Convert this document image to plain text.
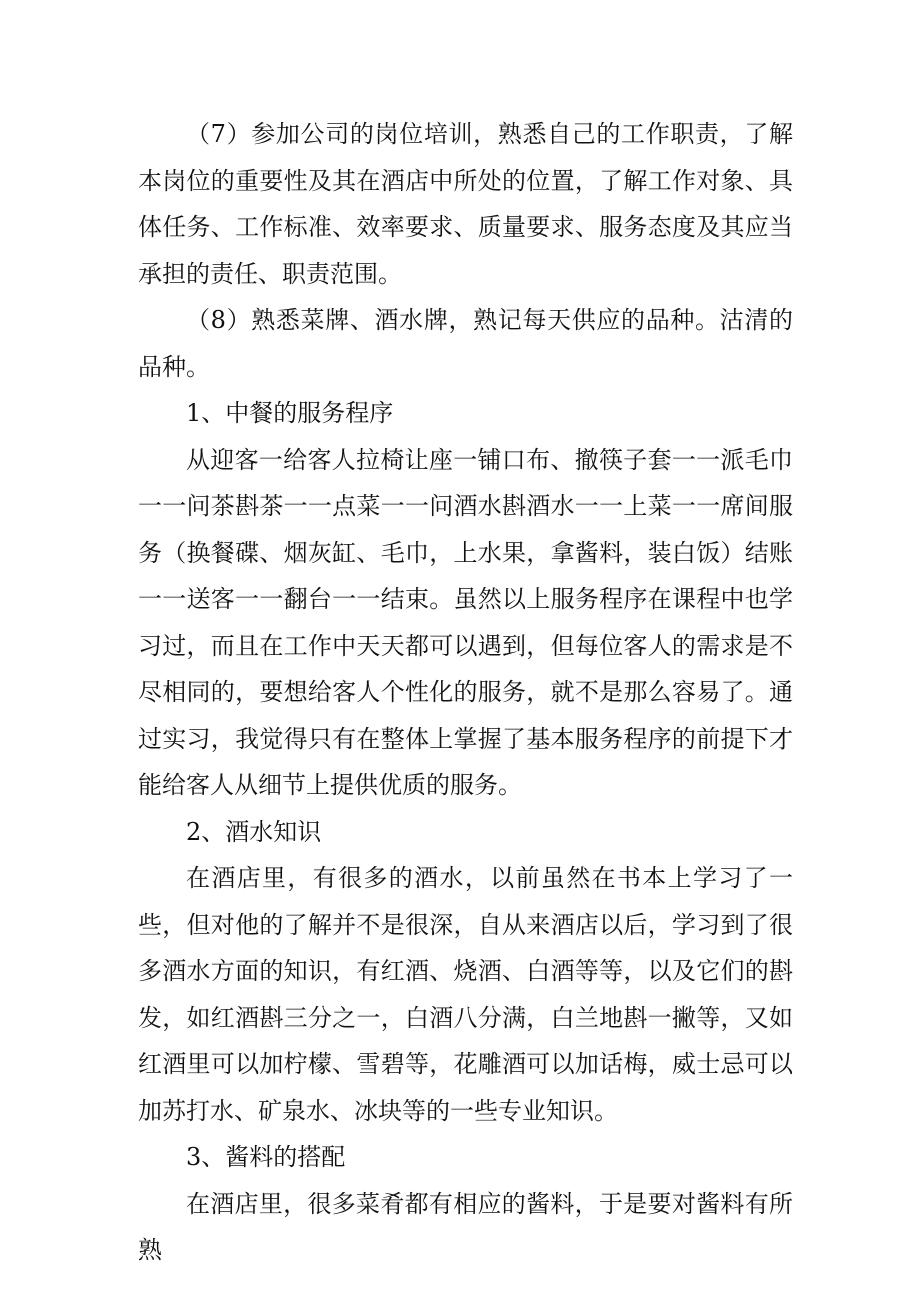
（7）参加公司的岗位培训，熟悉自己的工作职责，了解本岗位的重要性及其在酒店中所处的位置，了解工作对象、具体任务、工作标准、效率要求、质量要求、服务态度及其应当承担的责任、职责范围。

（8）熟悉菜牌、酒水牌，熟记每天供应的品种。沽清的品种。

1、中餐的服务程序

从迎客一给客人拉椅让座一铺口布、撤筷子套一一派毛巾一一问茶斟茶一一点菜一一问酒水斟酒水一一上菜一一席间服务（换餐碟、烟灰缸、毛巾，上水果，拿酱料，装白饭）结账一一送客一一翻台一一结束。虽然以上服务程序在课程中也学习过，而且在工作中天天都可以遇到，但每位客人的需求是不尽相同的，要想给客人个性化的服务，就不是那么容易了。通过实习，我觉得只有在整体上掌握了基本服务程序的前提下才能给客人从细节上提供优质的服务。

2、酒水知识

在酒店里，有很多的酒水，以前虽然在书本上学习了一些，但对他的了解并不是很深，自从来酒店以后，学习到了很多酒水方面的知识，有红酒、烧酒、白酒等等，以及它们的斟发，如红酒斟三分之一，白酒八分满，白兰地斟一撇等，又如红酒里可以加柠檬、雪碧等，花雕酒可以加话梅，威士忌可以加苏打水、矿泉水、冰块等的一些专业知识。

3、酱料的搭配

在酒店里，很多菜肴都有相应的酱料，于是要对酱料有所熟
